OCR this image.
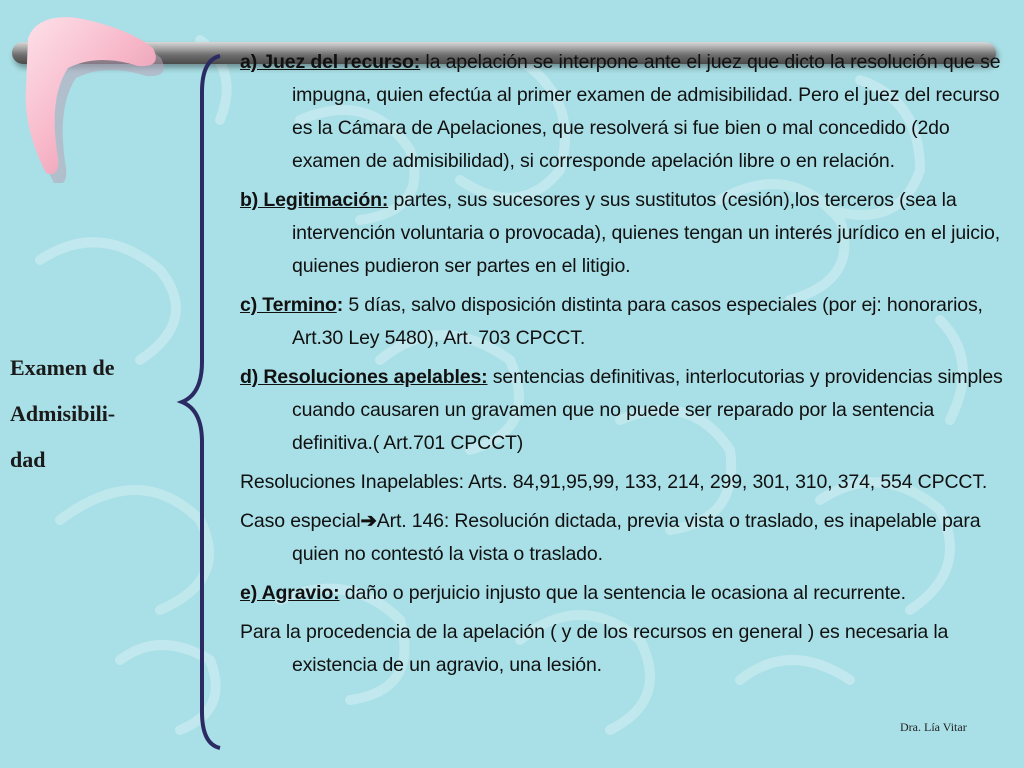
Examen de
Admisibili-
dad

a) Juez del recurso: la apelación se interpone ante el juez que dicto la resolución que se impugna, quien efectúa al primer examen de admisibilidad. Pero el juez del recurso es la Cámara de Apelaciones, que resolverá si fue bien o mal concedido (2do examen de admisibilidad), si corresponde apelación libre o en relación.

b) Legitimación: partes, sus sucesores y sus sustitutos (cesión),los terceros (sea la intervención voluntaria o provocada), quienes tengan un interés jurídico en el juicio, quienes pudieron ser partes en el litigio.

c) Termino: 5 días, salvo disposición distinta para casos especiales (por ej: honorarios, Art.30 Ley 5480), Art. 703 CPCCT.

d) Resoluciones apelables: sentencias definitivas, interlocutorias y providencias simples cuando causaren un gravamen que no puede ser reparado por la sentencia definitiva.( Art.701 CPCCT)

Resoluciones Inapelables: Arts. 84,91,95,99, 133, 214, 299, 301, 310, 374, 554 CPCCT.

Caso especial➔Art. 146: Resolución dictada, previa vista o traslado, es inapelable para quien no contestó la vista o traslado.

e) Agravio: daño o perjuicio injusto que la sentencia le ocasiona al recurrente.

Para la procedencia de la apelación ( y de los recursos en general ) es necesaria la existencia de un agravio, una lesión.

Dra. Lía Vitar
